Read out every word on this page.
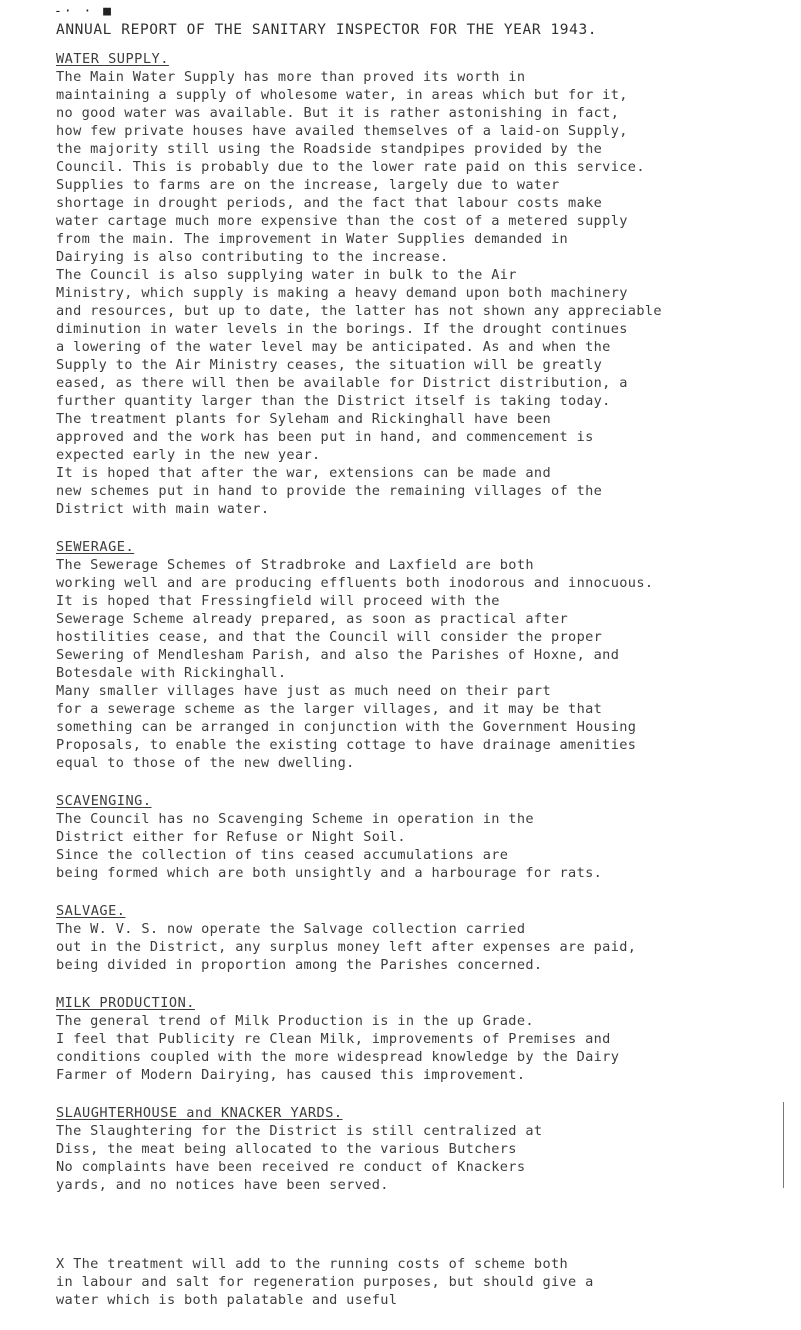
-· · ■
ANNUAL REPORT OF THE SANITARY INSPECTOR FOR THE YEAR 1943.
WATER SUPPLY.
The Main Water Supply has more than proved its worth in
maintaining a supply of wholesome water, in areas which but for it,
no good water was available. But it is rather astonishing in fact,
how few private houses have availed themselves of a laid-on Supply,
the majority still using the Roadside standpipes provided by the
Council. This is probably due to the lower rate paid on this service.
Supplies to farms are on the increase, largely due to water
shortage in drought periods, and the fact that labour costs make
water cartage much more expensive than the cost of a metered supply
from the main. The improvement in Water Supplies demanded in
Dairying is also contributing to the increase.
The Council is also supplying water in bulk to the Air
Ministry, which supply is making a heavy demand upon both machinery
and resources, but up to date, the latter has not shown any appreciable
diminution in water levels in the borings. If the drought continues
a lowering of the water level may be anticipated. As and when the
Supply to the Air Ministry ceases, the situation will be greatly
eased, as there will then be available for District distribution, a
further quantity larger than the District itself is taking today.
The treatment plants for Syleham and Rickinghall have been
approved and the work has been put in hand, and commencement is
expected early in the new year.
It is hoped that after the war, extensions can be made and
new schemes put in hand to provide the remaining villages of the
District with main water.
SEWERAGE.
The Sewerage Schemes of Stradbroke and Laxfield are both
working well and are producing effluents both inodorous and innocuous.
It is hoped that Fressingfield will proceed with the
Sewerage Scheme already prepared, as soon as practical after
hostilities cease, and that the Council will consider the proper
Sewering of Mendlesham Parish, and also the Parishes of Hoxne, and
Botesdale with Rickinghall.
Many smaller villages have just as much need on their part
for a sewerage scheme as the larger villages, and it may be that
something can be arranged in conjunction with the Government Housing
Proposals, to enable the existing cottage to have drainage amenities
equal to those of the new dwelling.
SCAVENGING.
The Council has no Scavenging Scheme in operation in the
District either for Refuse or Night Soil.
Since the collection of tins ceased accumulations are
being formed which are both unsightly and a harbourage for rats.
SALVAGE.
The W. V. S. now operate the Salvage collection carried
out in the District, any surplus money left after expenses are paid,
being divided in proportion among the Parishes concerned.
MILK PRODUCTION.
The general trend of Milk Production is in the up Grade.
I feel that Publicity re Clean Milk, improvements of Premises and
conditions coupled with the more widespread knowledge by the Dairy
Farmer of Modern Dairying, has caused this improvement.
SLAUGHTERHOUSE and KNACKER YARDS.
The Slaughtering for the District is still centralized at
Diss, the meat being allocated to the various Butchers
No complaints have been received re conduct of Knackers
yards, and no notices have been served.
X The treatment will add to the running costs of scheme both
in labour and salt for regeneration purposes, but should give a
water which is both palatable and useful
